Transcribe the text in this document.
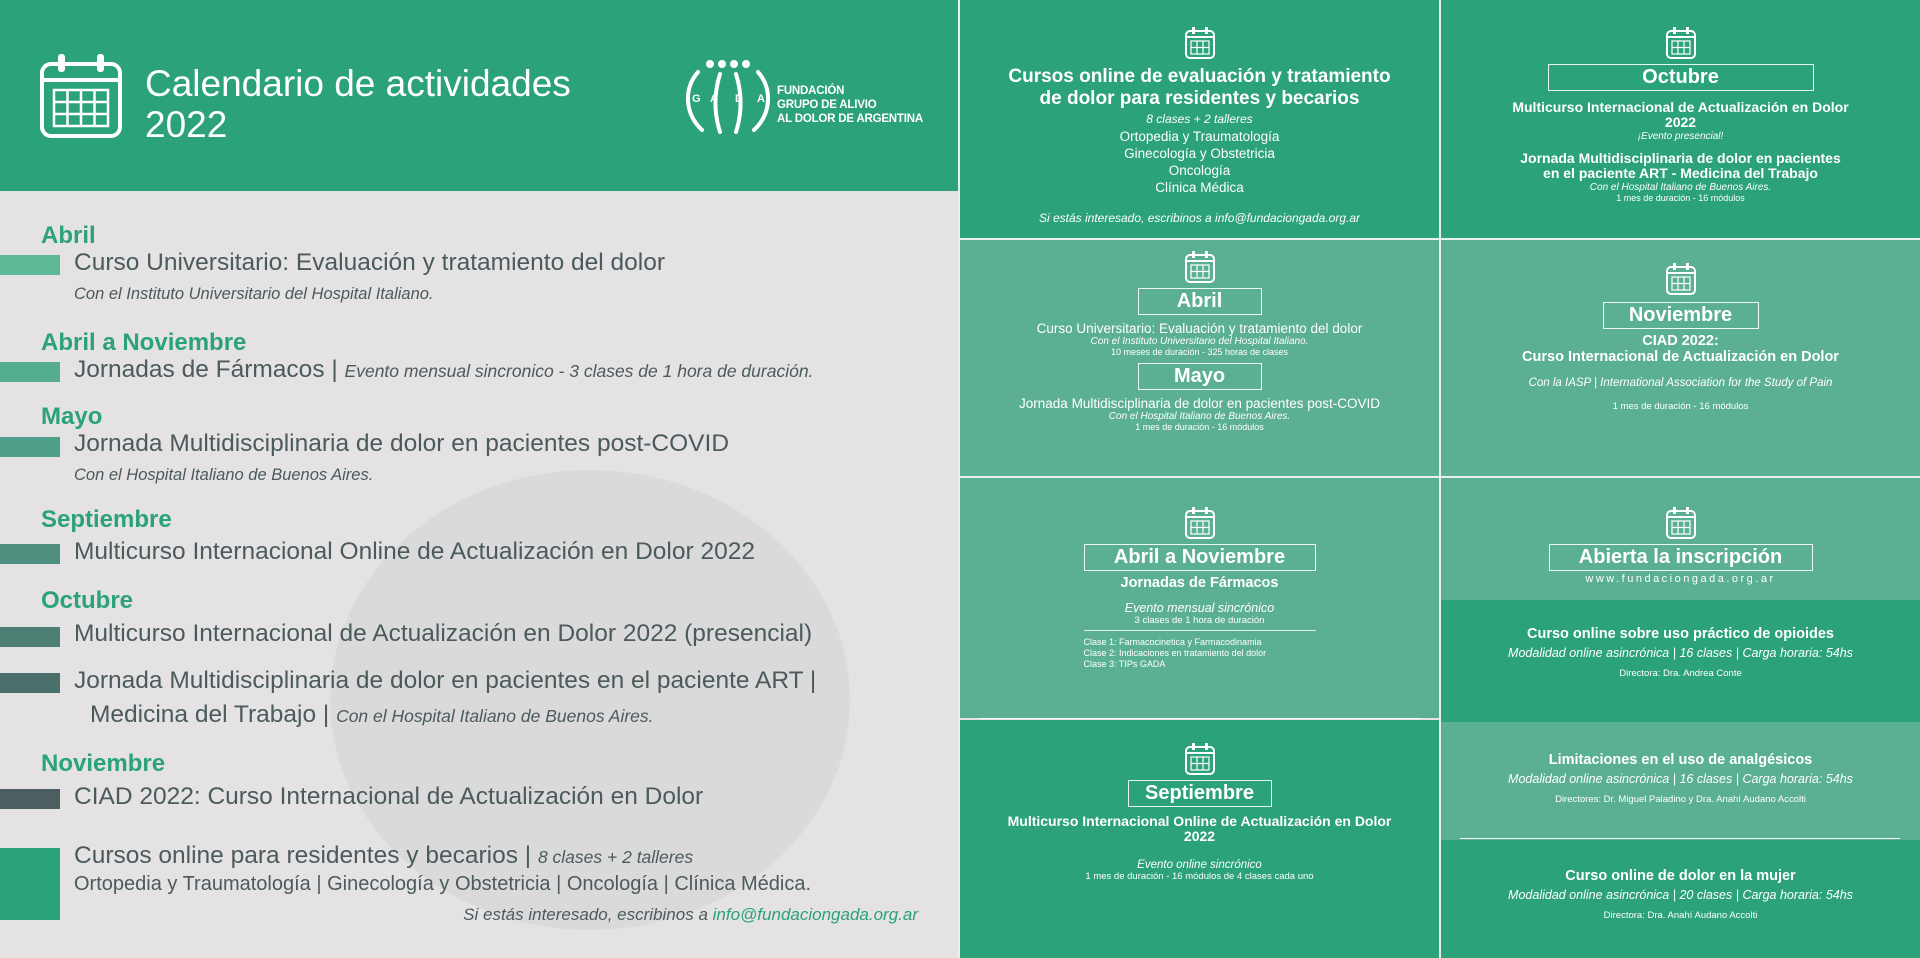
Calendario de actividades
2022
G A D A
FUNDACIÓN
GRUPO DE ALIVIO
AL DOLOR DE ARGENTINA
Abril
Curso Universitario: Evaluación y tratamiento del dolor
Con el Instituto Universitario del Hospital Italiano.
Abril a Noviembre
Jornadas de Fármacos | Evento mensual sincronico - 3 clases de 1 hora de duración.
Mayo
Jornada Multidisciplinaria de dolor en pacientes post-COVID
Con el Hospital Italiano de Buenos Aires.
Septiembre
Multicurso Internacional Online de Actualización en Dolor 2022
Octubre
Multicurso Internacional de Actualización en Dolor 2022 (presencial)
Jornada Multidisciplinaria de dolor en pacientes en el paciente ART |
Medicina del Trabajo | Con el Hospital Italiano de Buenos Aires.
Noviembre
CIAD 2022: Curso Internacional de Actualización en Dolor
Cursos online para residentes y becarios | 8 clases + 2 talleres
Ortopedia y Traumatología | Ginecología y Obstetricia | Oncología | Clínica Médica.
Si estás interesado, escribinos a info@fundaciongada.org.ar
Cursos online de evaluación y tratamiento
de dolor para residentes y becarios
8 clases + 2 talleres
Ortopedia y Traumatología
Ginecología y Obstetricia
Oncología
Clínica Médica
Si estás interesado, escribinos a info@fundaciongada.org.ar
Octubre
Multicurso Internacional de Actualización en Dolor
2022
¡Evento presencial!
Jornada Multidisciplinaria de dolor en pacientes
en el paciente ART - Medicina del Trabajo
Con el Hospital Italiano de Buenos Aires.
1 mes de duración - 16 módulos
Abril
Curso Universitario: Evaluación y tratamiento del dolor
Con el Instituto Universitario del Hospital Italiano.
10 meses de duración - 325 horas de clases
Mayo
Jornada Multidisciplinaria de dolor en pacientes post-COVID
Con el Hospital Italiano de Buenos Aires.
1 mes de duración - 16 módulos
Noviembre
CIAD 2022:
Curso Internacional de Actualización en Dolor
Con la IASP | International Association for the Study of Pain
1 mes de duración - 16 módulos
Abril a Noviembre
Jornadas de Fármacos
Evento mensual sincrónico
3 clases de 1 hora de duración
Clase 1: Farmacocinetica y Farmacodinamia
Clase 2: Indicaciones en tratamiento del dolor
Clase 3: TIPs GADA
Septiembre
Multicurso Internacional Online de Actualización en Dolor
2022
Evento online sincrónico
1 mes de duración - 16 módulos de 4 clases cada uno
Abierta la inscripción
www.fundaciongada.org.ar
Curso online sobre uso práctico de opioides
Modalidad online asincrónica | 16 clases | Carga horaria: 54hs
Directora: Dra. Andrea Conte
Limitaciones en el uso de analgésicos
Modalidad online asincrónica | 16 clases | Carga horaria: 54hs
Directores: Dr. Miguel Paladino y Dra. Anahí Audano Accolti
Curso online de dolor en la mujer
Modalidad online asincrónica | 20 clases | Carga horaria: 54hs
Directora: Dra. Anahí Audano Accolti
